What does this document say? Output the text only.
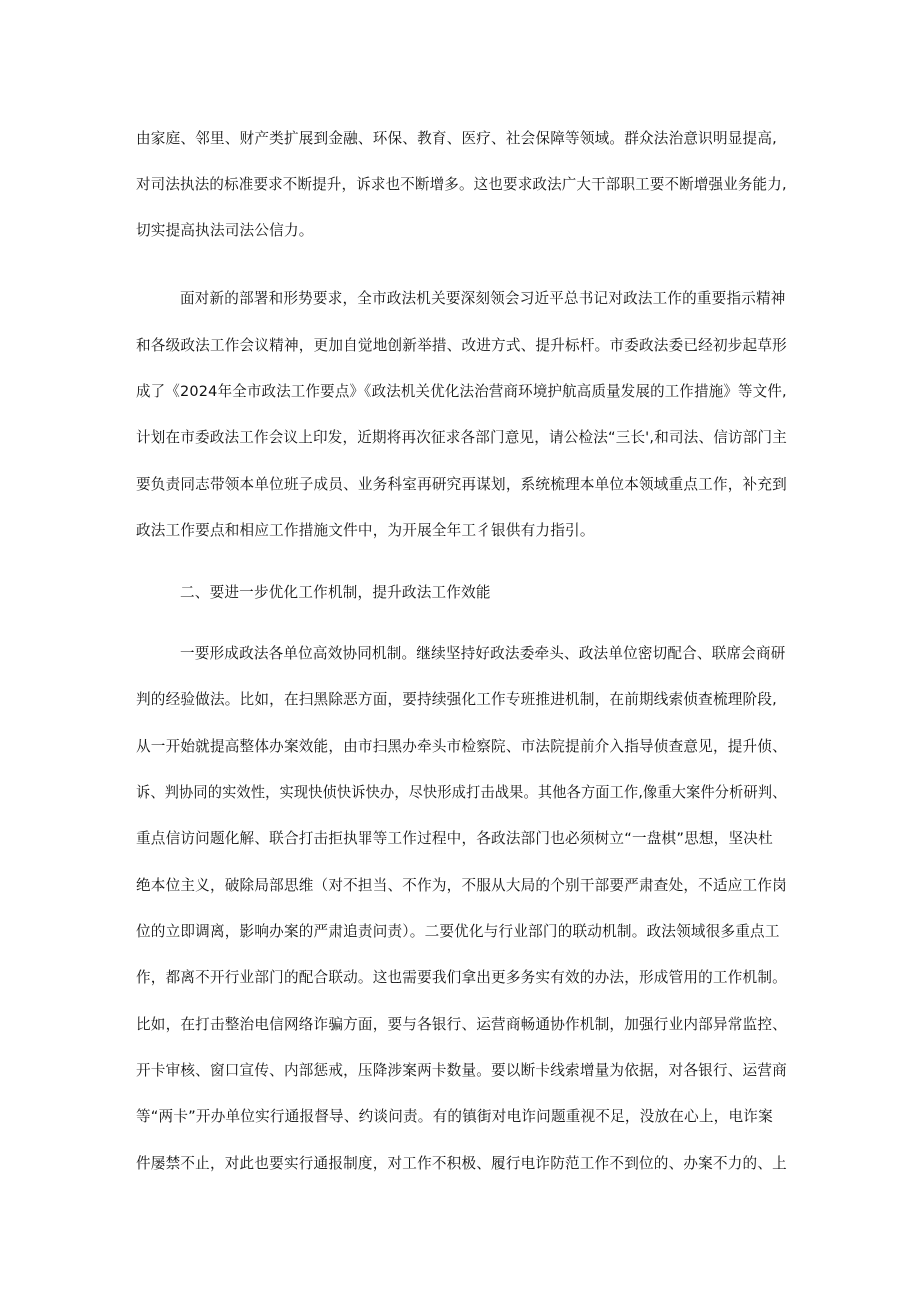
由家庭、邻里、财产类扩展到金融、环保、教育、医疗、社会保障等领域。群众法治意识明显提高,
对司法执法的标准要求不断提升，诉求也不断增多。这也要求政法广大干部职工要不断增强业务能力,
切实提高执法司法公信力。
面对新的部署和形势要求，全市政法机关要深刻领会习近平总书记对政法工作的重要指示精神
和各级政法工作会议精神，更加自觉地创新举措、改进方式、提升标杆。市委政法委已经初步起草形
成了《2024年全市政法工作要点》《政法机关优化法治营商环境护航高质量发展的工作措施》等文件,
计划在市委政法工作会议上印发，近期将再次征求各部门意见，请公检法“三长',和司法、信访部门主
要负责同志带领本单位班子成员、业务科室再研究再谋划，系统梳理本单位本领域重点工作，补充到
政法工作要点和相应工作措施文件中，为开展全年工彳银供有力指引。
二、要进一步优化工作机制，提升政法工作效能
一要形成政法各单位高效协同机制。继续坚持好政法委牵头、政法单位密切配合、联席会商研
判的经验做法。比如，在扫黑除恶方面，要持续强化工作专班推进机制，在前期线索侦查梳理阶段,
从一开始就提高整体办案效能，由市扫黑办牵头市检察院、市法院提前介入指导侦查意见，提升侦、
诉、判协同的实效性，实现快侦快诉快办，尽快形成打击战果。其他各方面工作,像重大案件分析研判、
重点信访问题化解、联合打击拒执罪等工作过程中，各政法部门也必须树立“一盘棋”思想，坚决杜
绝本位主义，破除局部思维（对不担当、不作为，不服从大局的个别干部要严肃查处，不适应工作岗
位的立即调离，影响办案的严肃追责问责）。二要优化与行业部门的联动机制。政法领域很多重点工
作，都离不开行业部门的配合联动。这也需要我们拿出更多务实有效的办法，形成管用的工作机制。
比如，在打击整治电信网络诈骗方面，要与各银行、运营商畅通协作机制，加强行业内部异常监控、
开卡审核、窗口宣传、内部惩戒，压降涉案两卡数量。要以断卡线索增量为依据，对各银行、运营商
等“两卡”开办单位实行通报督导、约谈问责。有的镇街对电诈问题重视不足，没放在心上，电诈案
件屡禁不止，对此也要实行通报制度，对工作不积极、履行电诈防范工作不到位的、办案不力的、上
